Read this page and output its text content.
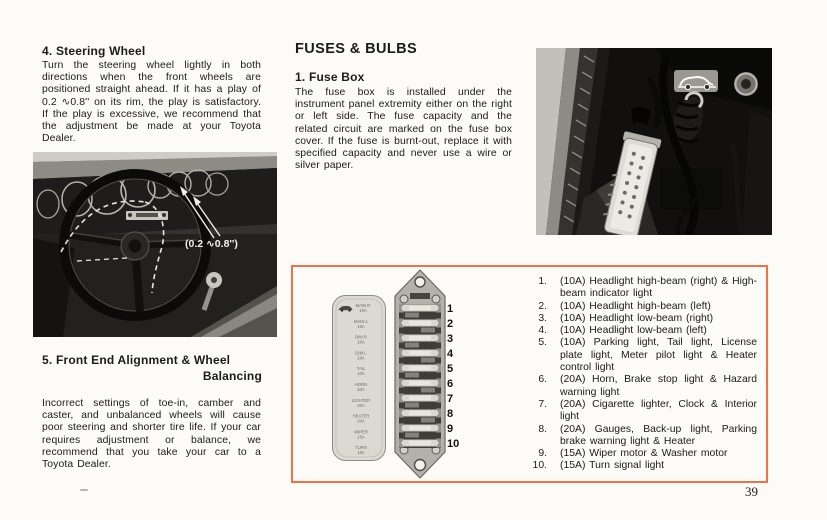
4. Steering Wheel
Turn the steering wheel lightly in both directions when the front wheels are positioned straight ahead. If it has a play of 0.2 ∿0.8'' on its rim, the play is satisfactory. If the play is excessive, we recommend that the adjustment be made at your Toyota Dealer.
(0.2 ∿0.8'')
5. Front End Alignment & Wheel
Balancing
Incorrect settings of toe-in, camber and caster, and unbalanced wheels will cause poor steering and shorter tire life. If your car requires adjustment or balance, we recommend that you take your car to a Toyota Dealer.
FUSES & BULBS
1. Fuse Box
The fuse box is installed under the instrument panel extremity either on the right or left side. The fuse capacity and the related circuit are marked on the fuse box cover. If the fuse is burnt-out, replace it with specified capacity and never use a wire or silver paper.
MAIN R
10A
MAIN L
10A
DIM R
10A
DIM L
10A
TAIL
10A
HORN
20A
LIGHTER
20A
HEATER
20A
WIPER
15A
TURN
15A
1
2
3
4
5
6
7
8
9
10
1. (10A) Headlight high-beam (right) & High-beam indicator light
2. (10A) Headlight high-beam (left)
3. (10A) Headlight low-beam (right)
4. (10A) Headlight low-beam (left)
5. (10A) Parking light, Tail light, License plate light, Meter pilot light & Heater control light
6. (20A) Horn, Brake stop light & Hazard warning light
7. (20A) Cigarette lighter, Clock & Interior light
8. (20A) Gauges, Back-up light, Parking brake warning light & Heater
9. (15A) Wiper motor & Washer motor
10. (15A) Turn signal light
39
